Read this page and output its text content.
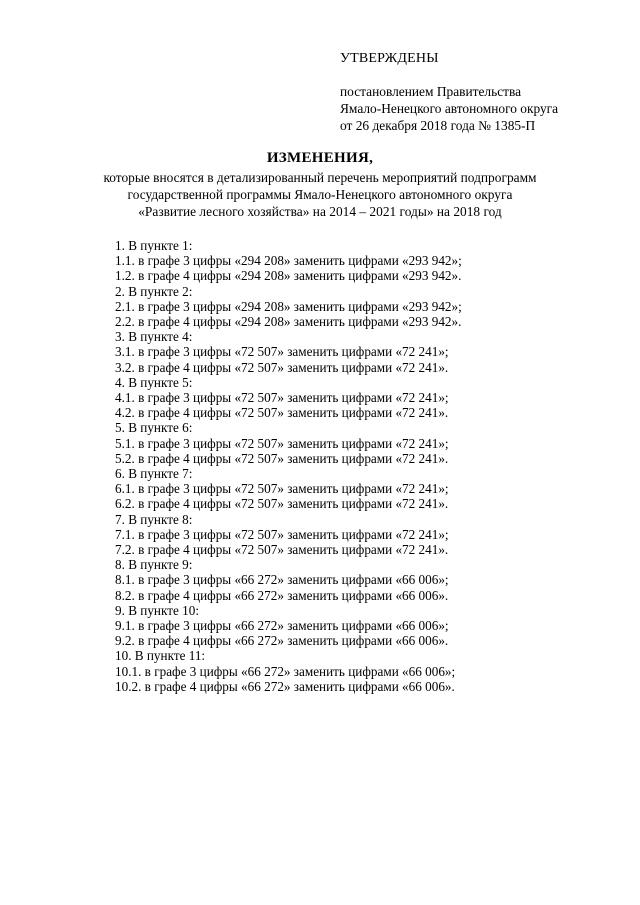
УТВЕРЖДЕНЫ
постановлением Правительства
Ямало-Ненецкого автономного округа
от 26 декабря 2018 года № 1385-П
ИЗМЕНЕНИЯ,
которые вносятся в детализированный перечень мероприятий подпрограмм
государственной программы Ямало-Ненецкого автономного округа
«Развитие лесного хозяйства» на 2014 – 2021 годы» на 2018 год
1. В пункте 1:
1.1. в графе 3 цифры «294 208» заменить цифрами «293 942»;
1.2. в графе 4 цифры «294 208» заменить цифрами «293 942».
2. В пункте 2:
2.1. в графе 3 цифры «294 208» заменить цифрами «293 942»;
2.2. в графе 4 цифры «294 208» заменить цифрами «293 942».
3. В пункте 4:
3.1. в графе 3 цифры «72 507» заменить цифрами «72 241»;
3.2. в графе 4 цифры «72 507» заменить цифрами «72 241».
4. В пункте 5:
4.1. в графе 3 цифры «72 507» заменить цифрами «72 241»;
4.2. в графе 4 цифры «72 507» заменить цифрами «72 241».
5. В пункте 6:
5.1. в графе 3 цифры «72 507» заменить цифрами «72 241»;
5.2. в графе 4 цифры «72 507» заменить цифрами «72 241».
6. В пункте 7:
6.1. в графе 3 цифры «72 507» заменить цифрами «72 241»;
6.2. в графе 4 цифры «72 507» заменить цифрами «72 241».
7. В пункте 8:
7.1. в графе 3 цифры «72 507» заменить цифрами «72 241»;
7.2. в графе 4 цифры «72 507» заменить цифрами «72 241».
8. В пункте 9:
8.1. в графе 3 цифры «66 272» заменить цифрами «66 006»;
8.2. в графе 4 цифры «66 272» заменить цифрами «66 006».
9. В пункте 10:
9.1. в графе 3 цифры «66 272» заменить цифрами «66 006»;
9.2. в графе 4 цифры «66 272» заменить цифрами «66 006».
10. В пункте 11:
10.1. в графе 3 цифры «66 272» заменить цифрами «66 006»;
10.2. в графе 4 цифры «66 272» заменить цифрами «66 006».
